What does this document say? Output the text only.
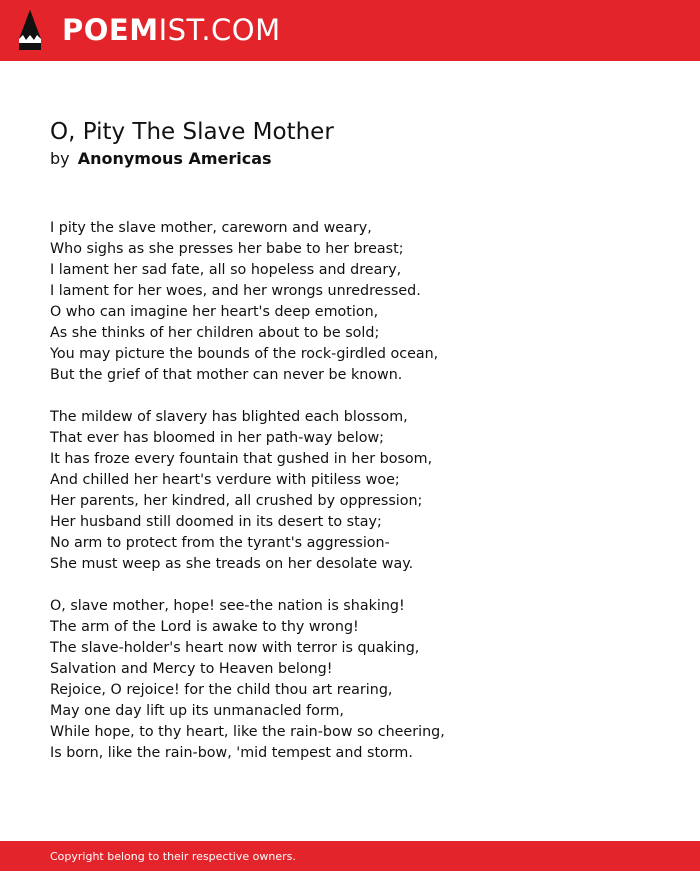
POEMIST.COM
O, Pity The Slave Mother
by Anonymous Americas
I pity the slave mother, careworn and weary,
Who sighs as she presses her babe to her breast;
I lament her sad fate, all so hopeless and dreary,
I lament for her woes, and her wrongs unredressed.
O who can imagine her heart's deep emotion,
As she thinks of her children about to be sold;
You may picture the bounds of the rock-girdled ocean,
But the grief of that mother can never be known.
The mildew of slavery has blighted each blossom,
That ever has bloomed in her path-way below;
It has froze every fountain that gushed in her bosom,
And chilled her heart's verdure with pitiless woe;
Her parents, her kindred, all crushed by oppression;
Her husband still doomed in its desert to stay;
No arm to protect from the tyrant's aggression-
She must weep as she treads on her desolate way.
O, slave mother, hope! see-the nation is shaking!
The arm of the Lord is awake to thy wrong!
The slave-holder's heart now with terror is quaking,
Salvation and Mercy to Heaven belong!
Rejoice, O rejoice! for the child thou art rearing,
May one day lift up its unmanacled form,
While hope, to thy heart, like the rain-bow so cheering,
Is born, like the rain-bow, 'mid tempest and storm.
Copyright belong to their respective owners.
